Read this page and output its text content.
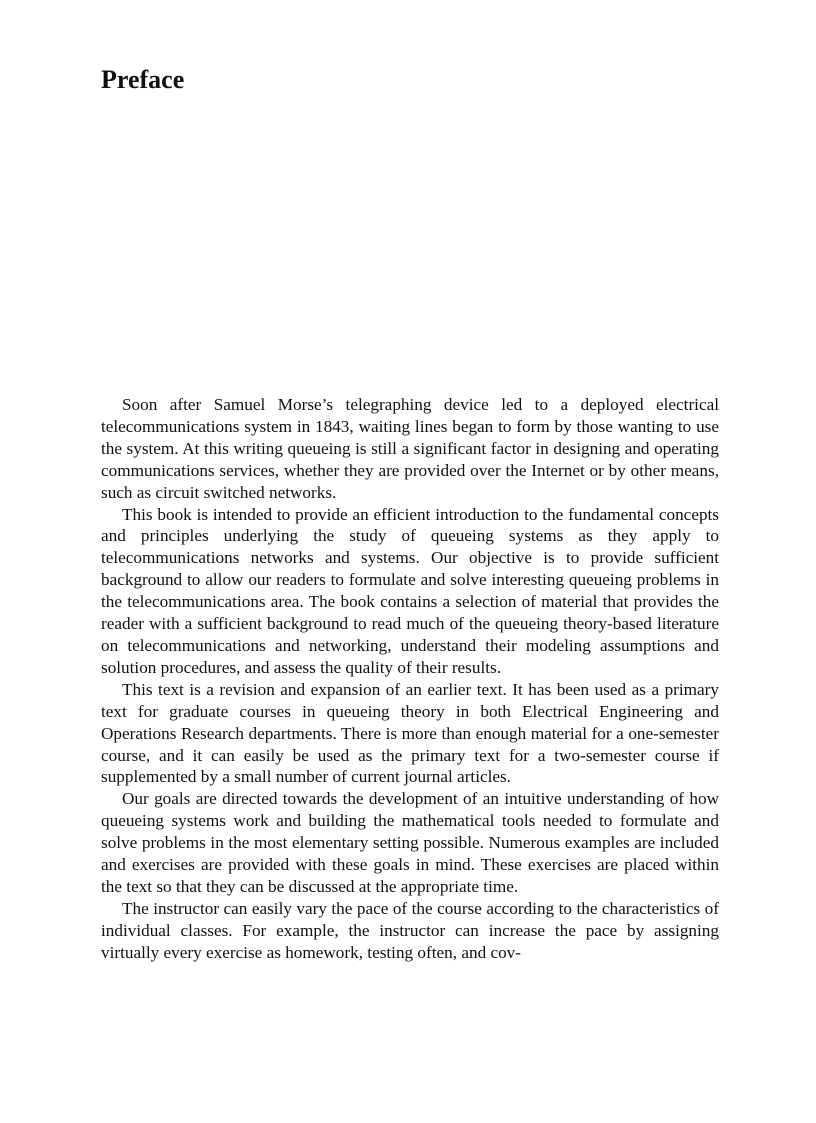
Preface

Soon after Samuel Morse’s telegraphing device led to a deployed electrical telecommunications system in 1843, waiting lines began to form by those wanting to use the system. At this writing queueing is still a significant factor in designing and operating communications services, whether they are provided over the Internet or by other means, such as circuit switched networks.

This book is intended to provide an efficient introduction to the fundamental concepts and principles underlying the study of queueing systems as they apply to telecommunications networks and systems. Our objective is to provide sufficient background to allow our readers to formulate and solve interesting queueing problems in the telecommunications area. The book contains a selection of material that provides the reader with a sufficient background to read much of the queueing theory-based literature on telecommunications and networking, understand their modeling assumptions and solution procedures, and assess the quality of their results.

This text is a revision and expansion of an earlier text. It has been used as a primary text for graduate courses in queueing theory in both Electrical Engineering and Operations Research departments. There is more than enough material for a one-semester course, and it can easily be used as the primary text for a two-semester course if supplemented by a small number of current journal articles.

Our goals are directed towards the development of an intuitive understanding of how queueing systems work and building the mathematical tools needed to formulate and solve problems in the most elementary setting possible. Numerous examples are included and exercises are provided with these goals in mind. These exercises are placed within the text so that they can be discussed at the appropriate time.

The instructor can easily vary the pace of the course according to the characteristics of individual classes. For example, the instructor can increase the pace by assigning virtually every exercise as homework, testing often, and cov-
